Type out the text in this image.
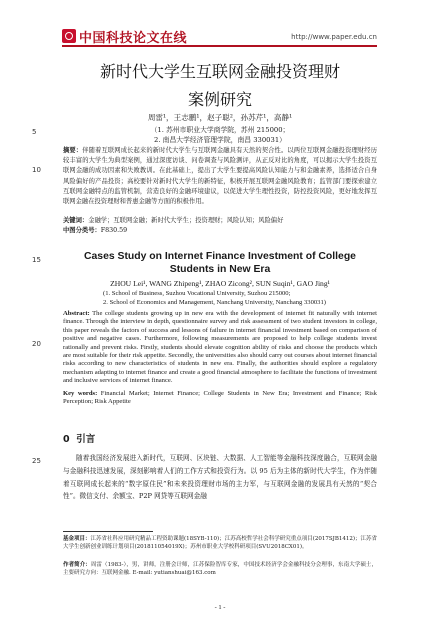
中国科技论文在线	http://www.paper.edu.cn
5
10
15
20
25
新时代大学生互联网金融投资理财
案例研究
周雷¹，王志鹏¹，赵子聪²，孙苏芹¹，高静¹
（1. 苏州市职业大学商学院，苏州 215000；
2. 南昌大学经济管理学院，南昌 330031）
摘要：伴随着互联网成长起来的新时代大学生与互联网金融具有天然的契合性。以两位互联网金融投资理财经历较丰富的大学生为典型案例，通过深度访谈、问卷调查与风险测评，从正反对比的角度，可以揭示大学生投资互联网金融的成功因素和失败教训。在此基础上，提出了大学生要提高风险认知能力与和金融素养，选择适合自身风险偏好的产品投资；高校要针对新时代大学生的新特征，积极开展互联网金融风险教育；监管部门要探索建立互联网金融特点的监管机制，营造良好的金融环境建议，以促进大学生理性投资，防控投资风险，更好地发挥互联网金融在投资理财和普惠金融等方面的积极作用。
关键词：金融学；互联网金融；新时代大学生；投资理财；风险认知；风险偏好
中图分类号：F830.59
Cases Study on Internet Finance Investment of College
Students in New Era
ZHOU Lei¹, WANG Zhipeng¹, ZHAO Zicong², SUN Suqin¹, GAO Jing¹
(1. School of Business, Suzhou Vocational University, Suzhou 215000;
2. School of Economics and Management, Nanchang University, Nanchang 330031)
Abstract: The college students growing up in new era with the development of internet fit naturally with internet finance. Through the interview in depth, questionnaire survey and risk assessment of two student investors in college, this paper reveals the factors of success and lessons of failure in internet financial investment based on comparison of positive and negative cases. Furthermore, following measurements are proposed to help college students invest rationally and prevent risks. Firstly, students should elevate cognition ability of risks and choose the products which are most suitable for their risk appetite. Secondly, the universities also should carry out courses about internet financial risks according to new characteristics of students in new era. Finally, the authorities should explore a regulatory mechanism adapting to internet finance and create a good financial atmosphere to facilitate the functions of investment and inclusive services of internet finance.
Key words: Financial Market; Internet Finance; College Students in New Era; Investment and Finance; Risk Perception; Risk Appetite
0 引言
随着我国经济发展进入新时代，互联网、区块链、大数据、人工智能等金融科技深度融合，互联网金融与金融科技迅速发展，深刻影响着人们的工作方式和投资行为。以 95 后为主体的新时代大学生，作为伴随着互联网成长起来的“数字原住民”和未来投资理财市场的主力军，与互联网金融的发展具有天然的“契合性”。微信支付、余额宝、P2P 网贷等互联网金融
基金项目：江苏省社科应用研究精品工程资助课题(18SYB-110)；江苏高校哲学社会科学研究重点项目(2017SJB1412)；江苏省大学生创新创业训练计划项目(201811054019X)；苏州市职业大学校科研项目(SVU2018CX01)。
作者简介：周雷（1983-），男，讲师，注册会计师，江苏保险智库专家，中国技术经济学会金融科技分会理事，东南大学硕士，主要研究方向：互联网金融. E-mail: yutianshuai@163.com
- 1 -
